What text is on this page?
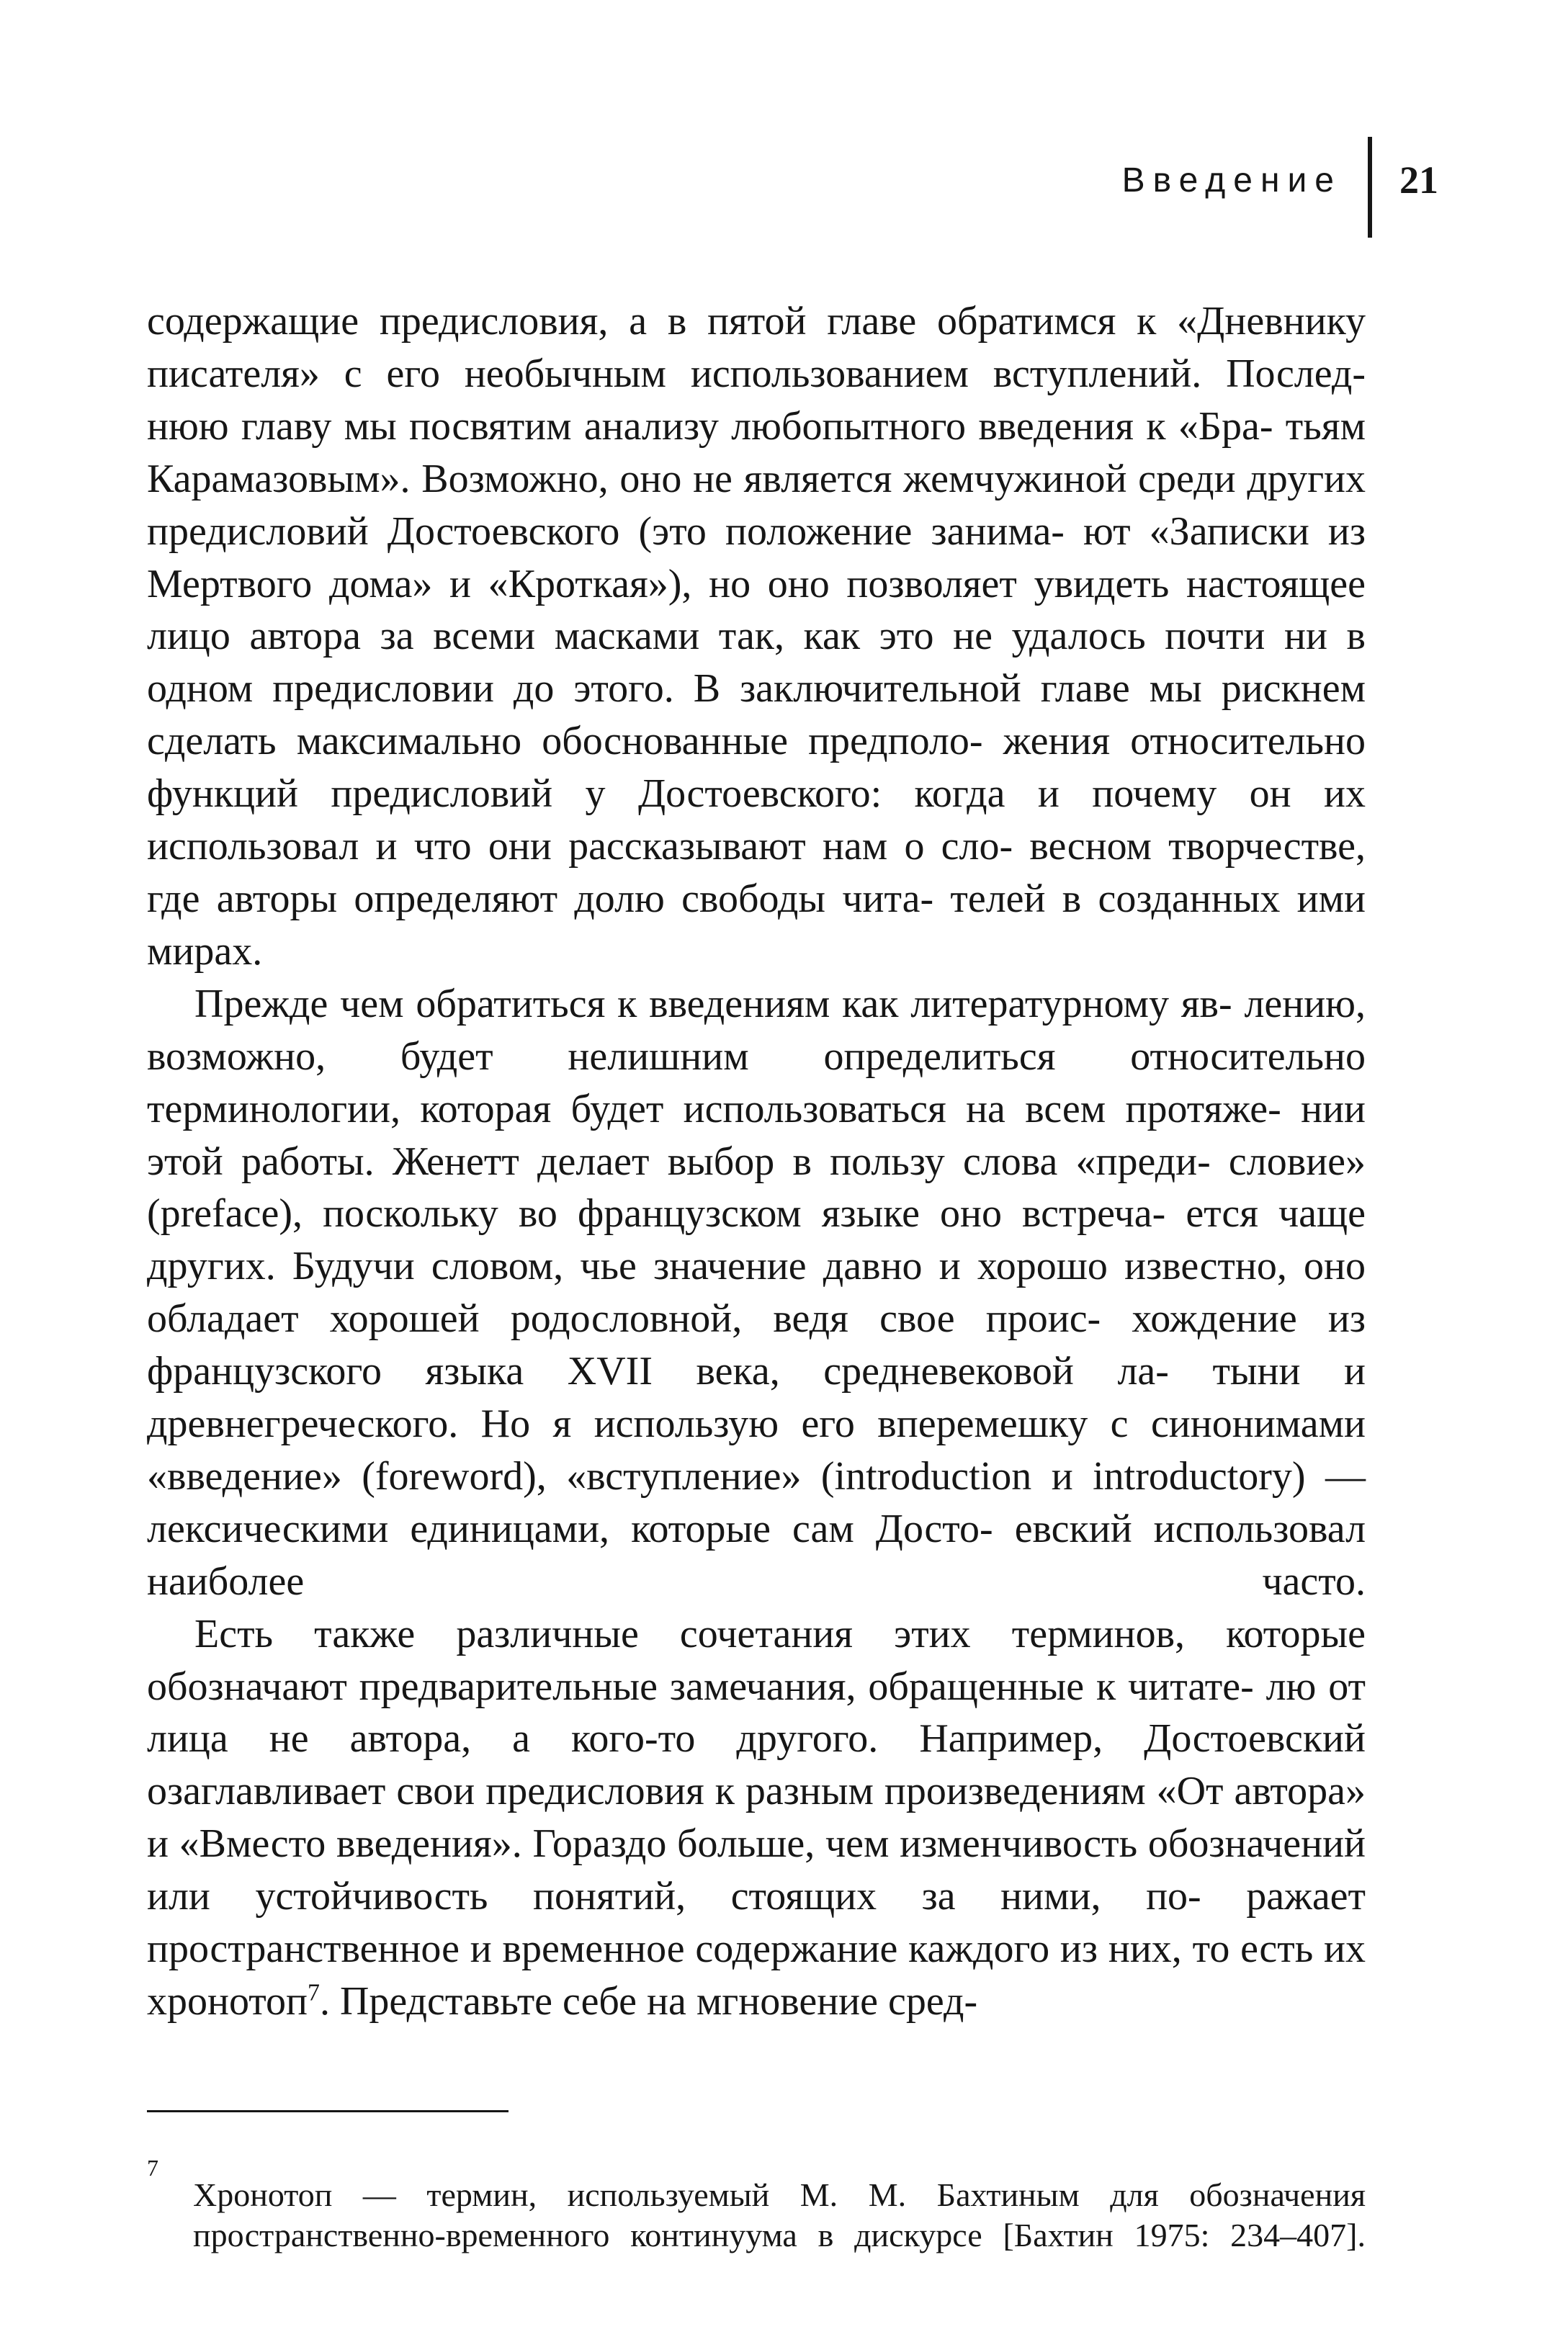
Введение	21

содержащие предисловия, а в пятой главе обратимся к «Дневнику писателя» с его необычным использованием вступлений. Послед- нюю главу мы посвятим анализу любопытного введения к «Бра- тьям Карамазовым». Возможно, оно не является жемчужиной среди других предисловий Достоевского (это положение занима- ют «Записки из Мертвого дома» и «Кроткая»), но оно позволяет увидеть настоящее лицо автора за всеми масками так, как это не удалось почти ни в одном предисловии до этого. В заключительной главе мы рискнем сделать максимально обоснованные предполо- жения относительно функций предисловий у Достоевского: когда и почему он их использовал и что они рассказывают нам о сло- весном творчестве, где авторы определяют долю свободы чита- телей в созданных ими мирах.

Прежде чем обратиться к введениям как литературному яв- лению, возможно, будет нелишним определиться относительно терминологии, которая будет использоваться на всем протяже- нии этой работы. Женетт делает выбор в пользу слова «преди- словие» (preface), поскольку во французском языке оно встреча- ется чаще других. Будучи словом, чье значение давно и хорошо известно, оно обладает хорошей родословной, ведя свое проис- хождение из французского языка XVII века, средневековой ла- тыни и древнегреческого. Но я использую его вперемешку с синонимами «введение» (foreword), «вступление» (introduction и introductory) — лексическими единицами, которые сам Досто- евский использовал наиболее часто.

Есть также различные сочетания этих терминов, которые обозначают предварительные замечания, обращенные к читате- лю от лица не автора, а кого-то другого. Например, Достоевский озаглавливает свои предисловия к разным произведениям «От автора» и «Вместо введения». Гораздо больше, чем изменчивость обозначений или устойчивость понятий, стоящих за ними, по- ражает пространственное и временное содержание каждого из них, то есть их хронотоп$^7$. Представьте себе на мгновение сред-

7

Хронотоп — термин, используемый М. М. Бахтиным для обозначения
пространственно-временного континуума в дискурсе [Бахтин 1975: 234–407].
